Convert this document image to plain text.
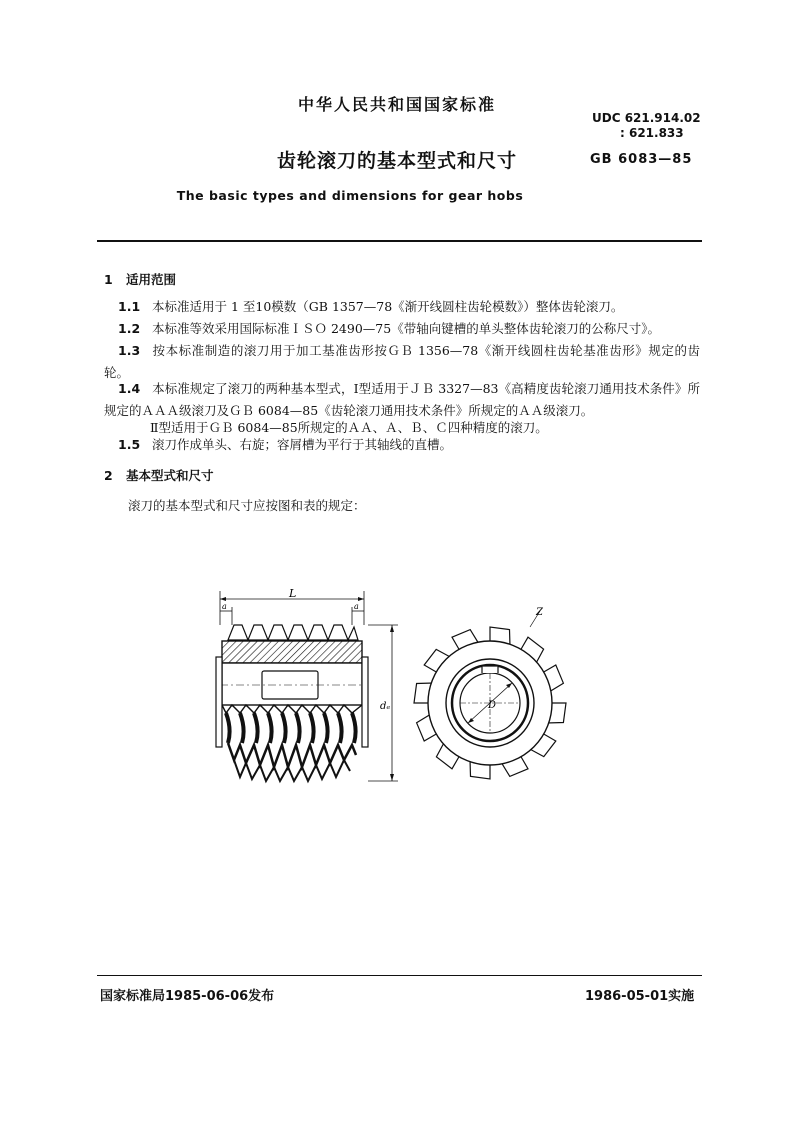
中华人民共和国国家标准
UDC 621.914.02
: 621.833
齿轮滚刀的基本型式和尺寸	GB 6083—85
The basic types and dimensions for gear hobs
1 适用范围
1.1 本标准适用于 1 至10模数（GB 1357—78《渐开线圆柱齿轮模数》）整体齿轮滚刀。
1.2 本标准等效采用国际标准ＩＳＯ 2490—75《带轴向键槽的单头整体齿轮滚刀的公称尺寸》。
1.3 按本标准制造的滚刀用于加工基准齿形按ＧＢ 1356—78《渐开线圆柱齿轮基准齿形》规定的齿轮。
1.4 本标准规定了滚刀的两种基本型式，Ⅰ型适用于ＪＢ 3327—83《高精度齿轮滚刀通用技术条件》所规定的ＡＡＡ级滚刀及ＧＢ 6084—85《齿轮滚刀通用技术条件》所规定的ＡＡ级滚刀。
Ⅱ型适用于ＧＢ 6084—85所规定的ＡＡ、Ａ、Ｂ、Ｃ四种精度的滚刀。
1.5 滚刀作成单头、右旋；容屑槽为平行于其轴线的直槽。
2 基本型式和尺寸
滚刀的基本型式和尺寸应按图和表的规定：
L
a	a
dₑ	D
Z
国家标准局1985-06-06发布	1986-05-01实施
